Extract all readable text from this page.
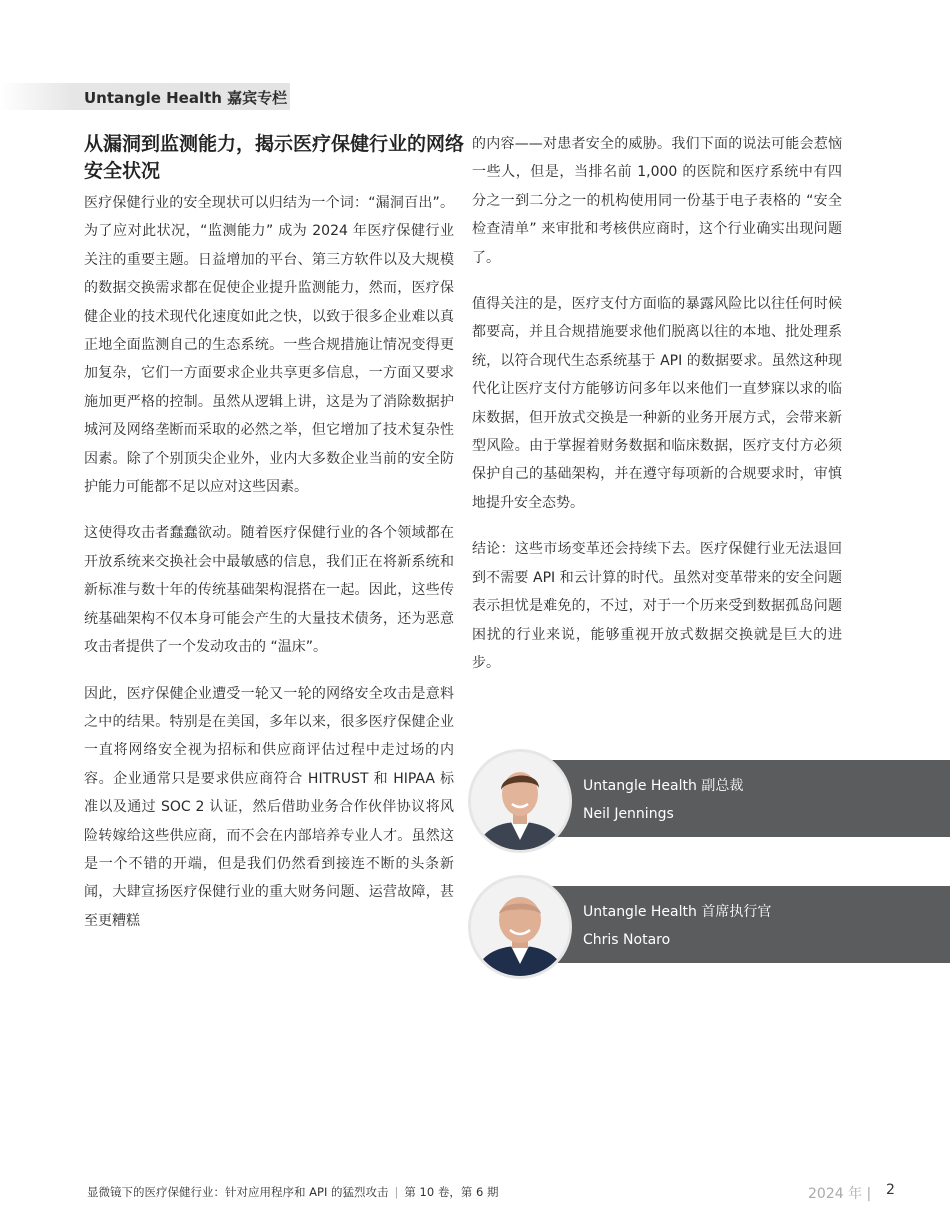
Untangle Health 嘉宾专栏
从漏洞到监测能力，揭示医疗保健行业的网络安全状况

医疗保健行业的安全现状可以归结为一个词：“漏洞百出”。为了应对此状况，“监测能力” 成为 2024 年医疗保健行业关注的重要主题。日益增加的平台、第三方软件以及大规模的数据交换需求都在促使企业提升监测能力，然而，医疗保健企业的技术现代化速度如此之快，以致于很多企业难以真正地全面监测自己的生态系统。一些合规措施让情况变得更加复杂，它们一方面要求企业共享更多信息，一方面又要求施加更严格的控制。虽然从逻辑上讲，这是为了消除数据护城河及网络垄断而采取的必然之举，但它增加了技术复杂性因素。除了个别顶尖企业外，业内大多数企业当前的安全防护能力可能都不足以应对这些因素。

这使得攻击者蠢蠢欲动。随着医疗保健行业的各个领域都在开放系统来交换社会中最敏感的信息，我们正在将新系统和新标准与数十年的传统基础架构混搭在一起。因此，这些传统基础架构不仅本身可能会产生的大量技术债务，还为恶意攻击者提供了一个发动攻击的 “温床”。

因此，医疗保健企业遭受一轮又一轮的网络安全攻击是意料之中的结果。特别是在美国，多年以来，很多医疗保健企业一直将网络安全视为招标和供应商评估过程中走过场的内容。企业通常只是要求供应商符合 HITRUST 和 HIPAA 标准以及通过 SOC 2 认证，然后借助业务合作伙伴协议将风险转嫁给这些供应商，而不会在内部培养专业人才。虽然这是一个不错的开端，但是我们仍然看到接连不断的头条新闻，大肆宣扬医疗保健行业的重大财务问题、运营故障，甚至更糟糕

的内容——对患者安全的威胁。我们下面的说法可能会惹恼一些人，但是，当排名前 1,000 的医院和医疗系统中有四分之一到二分之一的机构使用同一份基于电子表格的 “安全检查清单” 来审批和考核供应商时，这个行业确实出现问题了。

值得关注的是，医疗支付方面临的暴露风险比以往任何时候都要高，并且合规措施要求他们脱离以往的本地、批处理系统，以符合现代生态系统基于 API 的数据要求。虽然这种现代化让医疗支付方能够访问多年以来他们一直梦寐以求的临床数据，但开放式交换是一种新的业务开展方式，会带来新型风险。由于掌握着财务数据和临床数据，医疗支付方必须保护自己的基础架构，并在遵守每项新的合规要求时，审慎地提升安全态势。

结论：这些市场变革还会持续下去。医疗保健行业无法退回到不需要 API 和云计算的时代。虽然对变革带来的安全问题表示担忧是难免的，不过，对于一个历来受到数据孤岛问题困扰的行业来说，能够重视开放式数据交换就是巨大的进步。

Untangle Health 副总裁
Neil Jennings
Untangle Health 首席执行官
Chris Notaro
显微镜下的医疗保健行业：针对应用程序和 API 的猛烈攻击 | 第 10 卷，第 6 期	2024 年 | 2
